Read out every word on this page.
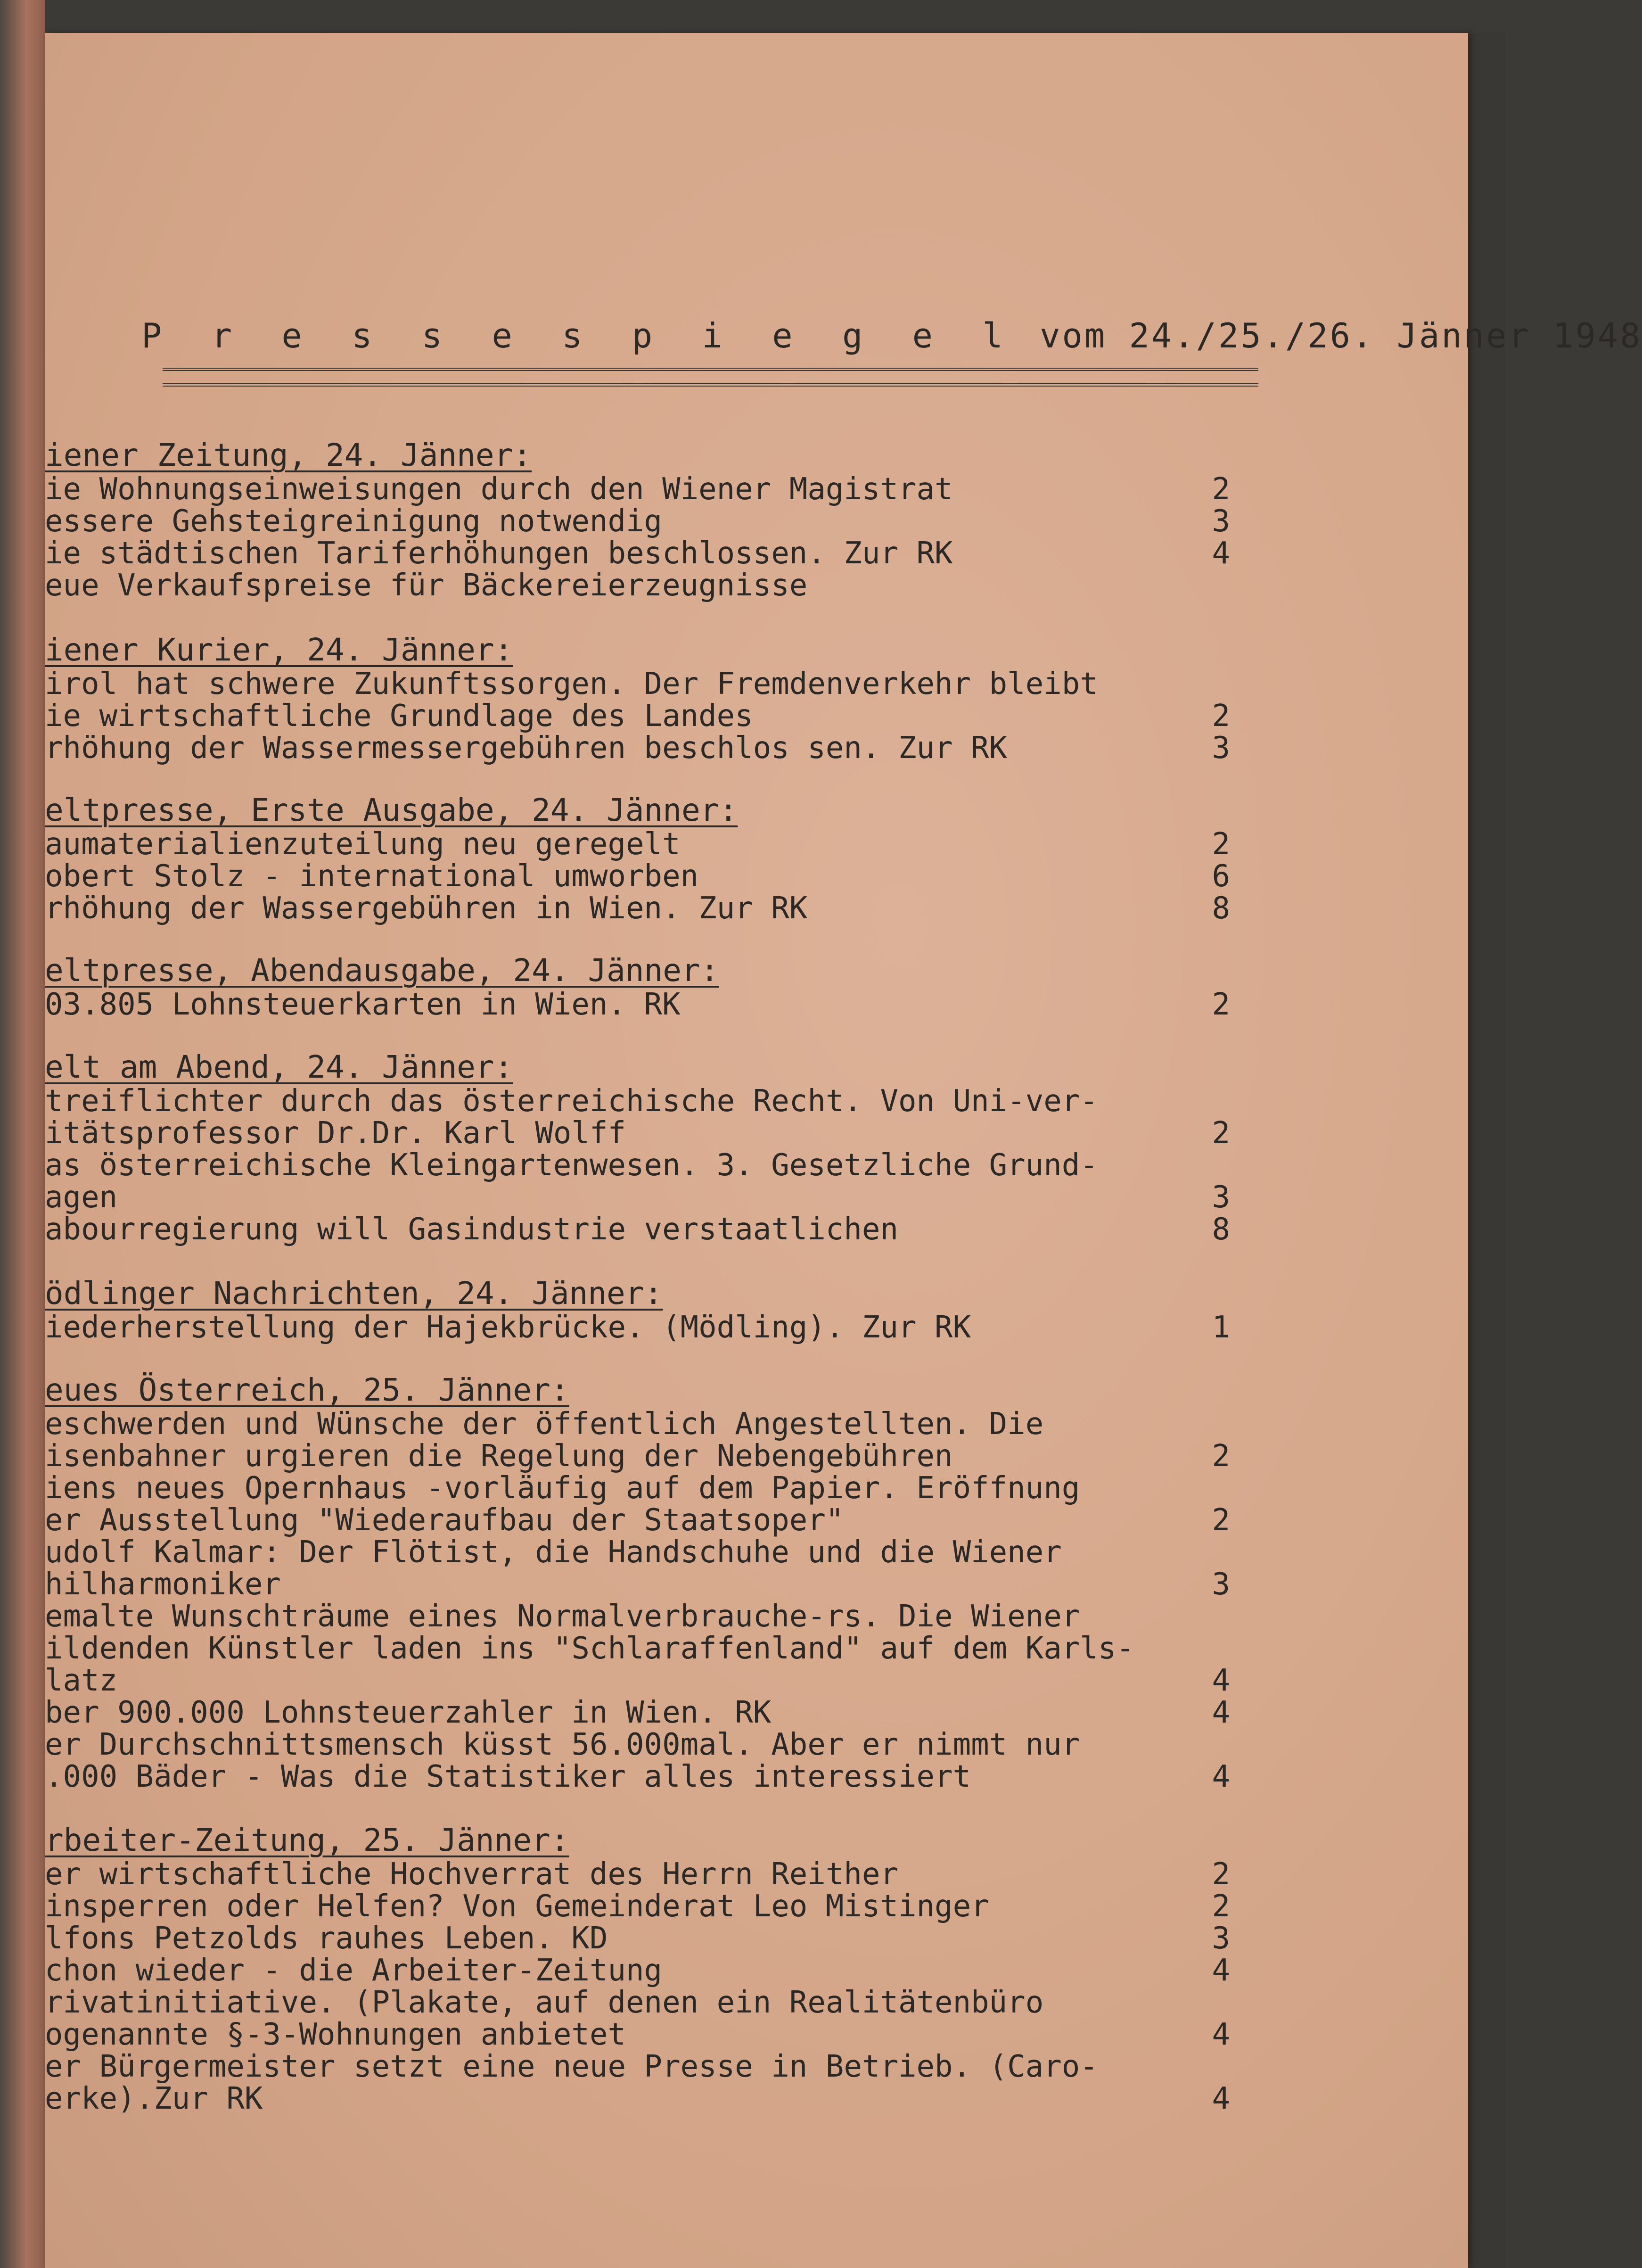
P r e s s e s p i e g e l vom 24./25./26. Jänner 1948
iener Zeitung, 24. Jänner:
ie Wohnungseinweisungen durch den Wiener Magistrat	2
essere Gehsteigreinigung notwendig	3
ie städtischen Tariferhöhungen beschlossen. Zur RK	4
eue Verkaufspreise für Bäckereierzeugnisse
iener Kurier, 24. Jänner:
irol hat schwere Zukunftssorgen. Der Fremdenverkehr bleibt
ie wirtschaftliche Grundlage des Landes	2
rhöhung der Wassermessergebühren beschlos sen. Zur RK	3
eltpresse, Erste Ausgabe, 24. Jänner:
aumaterialienzuteilung neu geregelt	2
obert Stolz - international umworben	6
rhöhung der Wassergebühren in Wien. Zur RK	8
eltpresse, Abendausgabe, 24. Jänner:
03.805 Lohnsteuerkarten in Wien. RK	2
elt am Abend, 24. Jänner:
treiflichter durch das österreichische Recht. Von Uni-ver-
itätsprofessor Dr.Dr. Karl Wolff	2
as österreichische Kleingartenwesen. 3. Gesetzliche Grund-
agen	3
abourregierung will Gasindustrie verstaatlichen	8
ödlinger Nachrichten, 24. Jänner:
iederherstellung der Hajekbrücke. (Mödling). Zur RK	1
eues Österreich, 25. Jänner:
eschwerden und Wünsche der öffentlich Angestellten. Die
isenbahner urgieren die Regelung der Nebengebühren	2
iens neues Opernhaus -vorläufig auf dem Papier. Eröffnung
er Ausstellung "Wiederaufbau der Staatsoper"	2
udolf Kalmar: Der Flötist, die Handschuhe und die Wiener
hilharmoniker	3
emalte Wunschträume eines Normalverbrauche-rs. Die Wiener
ildenden Künstler laden ins "Schlaraffenland" auf dem Karls-
latz	4
ber 900.000 Lohnsteuerzahler in Wien. RK	4
er Durchschnittsmensch küsst 56.000mal. Aber er nimmt nur
.000 Bäder - Was die Statistiker alles interessiert	4
rbeiter-Zeitung, 25. Jänner:
er wirtschaftliche Hochverrat des Herrn Reither	2
insperren oder Helfen? Von Gemeinderat Leo Mistinger	2
lfons Petzolds rauhes Leben. KD	3
chon wieder - die Arbeiter-Zeitung	4
rivatinitiative. (Plakate, auf denen ein Realitätenbüro
ogenannte §-3-Wohnungen anbietet	4
er Bürgermeister setzt eine neue Presse in Betrieb. (Caro-
erke).Zur RK	4
